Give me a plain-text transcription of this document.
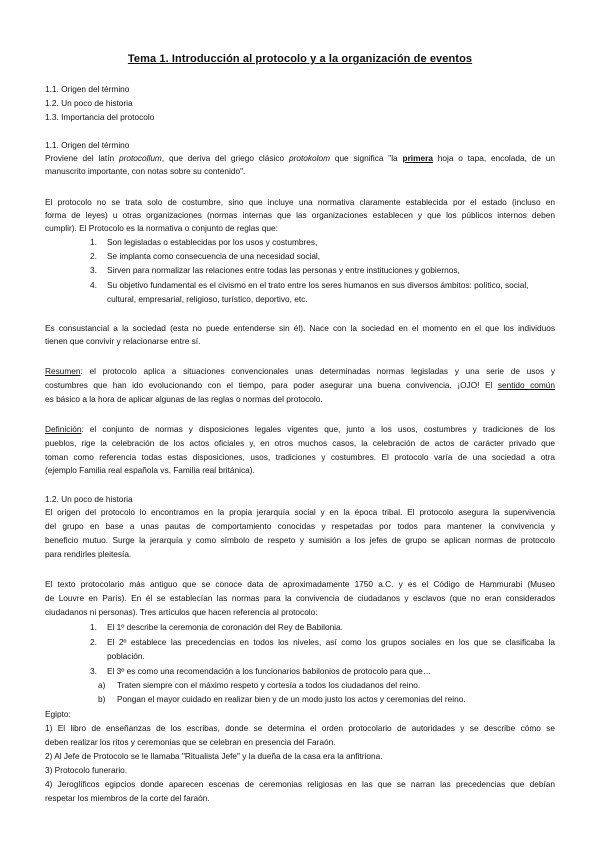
Tema 1. Introducción al protocolo y a la organización de eventos
1.1. Origen del término
1.2. Un poco de historia
1.3. Importancia del protocolo
1.1. Origen del término
Proviene del latín protocollum, que deriva del griego clásico protokolom que significa "la primera hoja o tapa, encolada, de un
manuscrito importante, con notas sobre su contenido".
El protocolo no se trata solo de costumbre, sino que incluye una normativa claramente establecida por el estado (incluso en
forma de leyes) u otras organizaciones (normas internas que las organizaciones establecen y que los públicos internos deben
cumplir). El Protocolo es la normativa o conjunto de reglas que:
1. Son legisladas o establecidas por los usos y costumbres,
2. Se implanta como consecuencia de una necesidad social,
3. Sirven para normalizar las relaciones entre todas las personas y entre instituciones y gobiernos,
4. Su objetivo fundamental es el civismo en el trato entre los seres humanos en sus diversos ámbitos: político, social,
cultural, empresarial, religioso, turístico, deportivo, etc.
Es consustancial a la sociedad (esta no puede entenderse sin él). Nace con la sociedad en el momento en el que los individuos
tienen que convivir y relacionarse entre sí.
Resumen: el protocolo aplica a situaciones convencionales unas determinadas normas legisladas y una serie de usos y
costumbres que han ido evolucionando con el tiempo, para poder asegurar una buena convivencia. ¡OJO! El sentido común
es básico a la hora de aplicar algunas de las reglas o normas del protocolo.
Definición: el conjunto de normas y disposiciones legales vigentes que, junto a los usos, costumbres y tradiciones de los
pueblos, rige la celebración de los actos oficiales y, en otros muchos casos, la celebración de actos de carácter privado que
toman como referencia todas estas disposiciones, usos, tradiciones y costumbres. El protocolo varía de una sociedad a otra
(ejemplo Familia real española vs. Familia real británica).
1.2. Un poco de historia
El origen del protocolo lo encontramos en la propia jerarquía social y en la época tribal. El protocolo asegura la supervivencia
del grupo en base a unas pautas de comportamiento conocidas y respetadas por todos para mantener la convivencia y
beneficio mutuo. Surge la jerarquía y como símbolo de respeto y sumisión a los jefes de grupo se aplican normas de protocolo
para rendirles pleitesía.
El texto protocolario más antiguo que se conoce data de aproximadamente 1750 a.C. y es el Código de Hammurabi (Museo
de Louvre en París). En él se establecían las normas para la convivencia de ciudadanos y esclavos (que no eran considerados
ciudadanos ni personas). Tres artículos que hacen referencia al protocolo:
1. El 1º describe la ceremonia de coronación del Rey de Babilonia.
2. El 2º establece las precedencias en todos los niveles, así como los grupos sociales en los que se clasificaba la
población.
3. El 3º es como una recomendación a los funcionarios babilonios de protocolo para que…
a) Traten siempre con el máximo respeto y cortesía a todos los ciudadanos del reino.
b) Pongan el mayor cuidado en realizar bien y de un modo justo los actos y ceremonias del reino.
Egipto:
1) El libro de enseñanzas de los escribas, donde se determina el orden protocolario de autoridades y se describe cómo se
deben realizar los ritos y ceremonias que se celebran en presencia del Faraón.
2) Al Jefe de Protocolo se le llamaba "Ritualista Jefe" y la dueña de la casa era la anfitriona.
3) Protocolo funerario.
4) Jeroglíficos egipcios donde aparecen escenas de ceremonias religiosas en las que se narran las precedencias que debían
respetar los miembros de la corte del faraón.
